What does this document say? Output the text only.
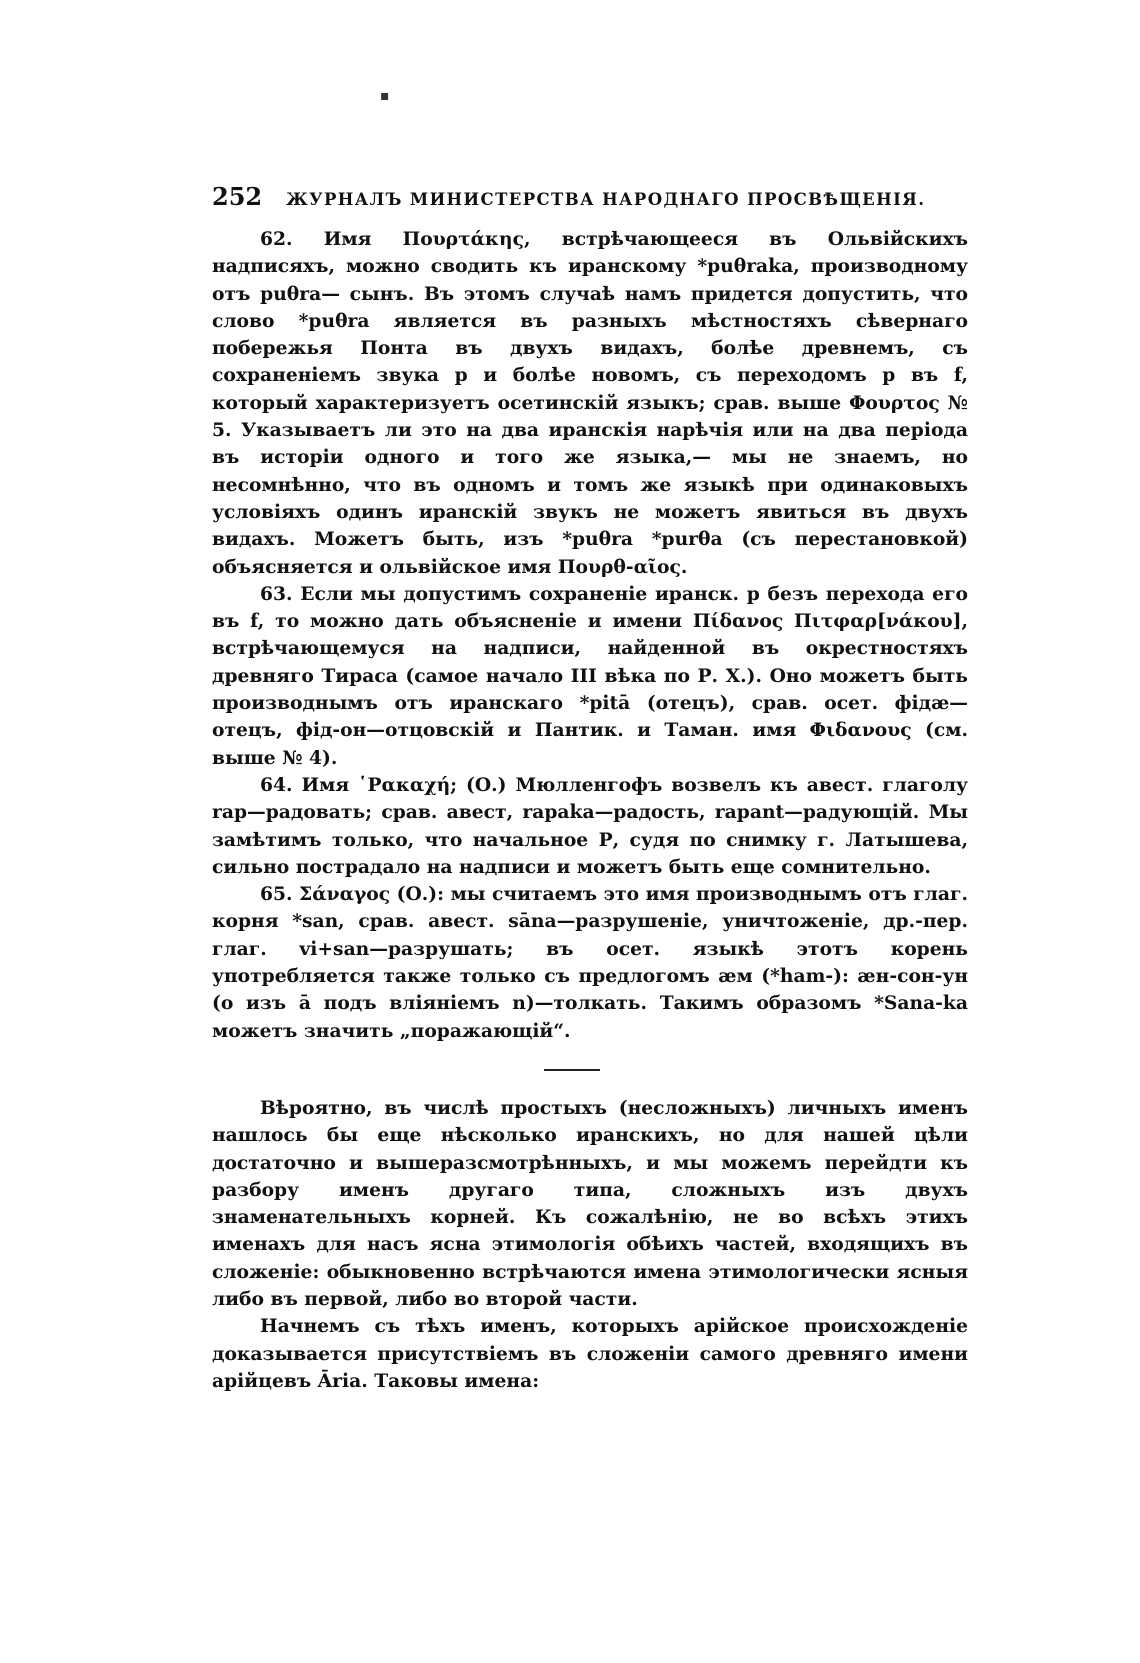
▪
252 ЖУРНАЛЪ МИНИСТЕРСТВА НАРОДНАГО ПРОСВѢЩЕНІЯ.

62. Имя Πουρτάκης, встрѣчающееся въ Ольвійскихъ надписяхъ, можно сводить къ иранскому *puθraka, производному отъ puθra— сынъ. Въ этомъ случаѣ намъ придется допустить, что слово *puθra является въ разныхъ мѣстностяхъ сѣвернаго побережья Понта въ двухъ видахъ, болѣе древнемъ, съ сохраненіемъ звука р и болѣе новомъ, съ переходомъ р въ f, который характеризуетъ осетинскій языкъ; срав. выше Φουρτος № 5. Указываетъ ли это на два иранскія нарѣчія или на два періода въ исторіи одного и того же языка,— мы не знаемъ, но несомнѣнно, что въ одномъ и томъ же языкѣ при одинаковыхъ условіяхъ одинъ иранскій звукъ не можетъ явиться въ двухъ видахъ. Можетъ быть, изъ *puθra *purθa (съ перестановкой) объясняется и ольвійское имя Πουρθ-αῖος.

63. Если мы допустимъ сохраненіе иранск. р безъ перехода его въ f, то можно дать объясненіе и имени Πίδανος Πιτφαρ[νάκου], встрѣчающемуся на надписи, найденной въ окрестностяхъ древняго Тираса (самое начало III вѣка по Р. Х.). Оно можетъ быть производнымъ отъ иранскаго *pitā (отецъ), срав. осет. фідӕ—отецъ, фід-он—отцовскій и Пантик. и Таман. имя Φιδανους (см. выше № 4).

64. Имя ῾Ρακαχή; (О.) Мюлленгофъ возвелъ къ авест. глаголу rap—радовать; срав. авест, raрaka—радость, rapant—радующій. Мы замѣтимъ только, что начальное Р, судя по снимку г. Латышева, сильно пострадало на надписи и можетъ быть еще сомнительно.

65. Σάναγος (О.): мы считаемъ это имя производнымъ отъ глаг. корня *san, срав. авест. sāna—разрушеніе, уничтоженіе, др.-пер. глаг. vi+san—разрушать; въ осет. языкѣ этотъ корень употребляется также только съ предлогомъ ӕм (*ham-): ӕн-сон-ун (о изъ ā подъ вліяніемъ n)—толкать. Такимъ образомъ *Sana-ka можетъ значить „поражающій“.

Вѣроятно, въ числѣ простыхъ (несложныхъ) личныхъ именъ нашлось бы еще нѣсколько иранскихъ, но для нашей цѣли достаточно и вышеразсмотрѣнныхъ, и мы можемъ перейдти къ разбору именъ другаго типа, сложныхъ изъ двухъ знаменательныхъ корней. Къ сожалѣнію, не во всѣхъ этихъ именахъ для насъ ясна этимологія обѣихъ частей, входящихъ въ сложеніе: обыкновенно встрѣчаются имена этимологически ясныя либо въ первой, либо во второй части.

Начнемъ съ тѣхъ именъ, которыхъ арійское происхожденіе доказывается присутствіемъ въ сложеніи самого древняго имени арійцевъ Āria. Таковы имена:
